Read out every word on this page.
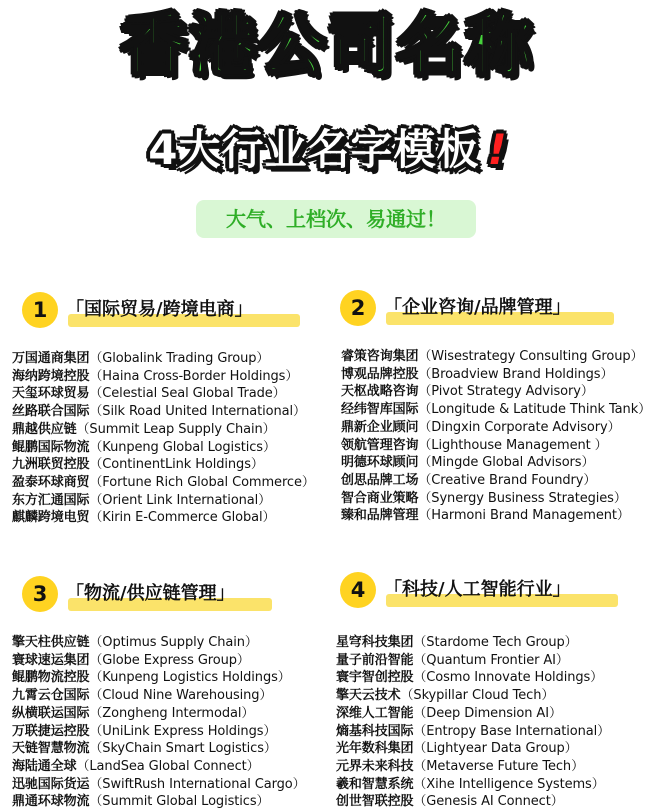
香港公司名称
4大行业名字模板 !
大气、上档次、易通过！
1	「国际贸易/跨境电商」
万国通商集团（Globalink Trading Group）
海纳跨境控股（Haina Cross-Border Holdings）
天玺环球贸易（Celestial Seal Global Trade）
丝路联合国际（Silk Road United International）
鼎越供应链（Summit Leap Supply Chain）
鲲鹏国际物流（Kunpeng Global Logistics）
九洲联贸控股（ContinentLink Holdings）
盈泰环球商贸（Fortune Rich Global Commerce）
东方汇通国际（Orient Link International）
麒麟跨境电贸（Kirin E-Commerce Global）
2	「企业咨询/品牌管理」
睿策咨询集团（Wisestrategy Consulting Group）
博观品牌控股（Broadview Brand Holdings）
天枢战略咨询（Pivot Strategy Advisory）
经纬智库国际（Longitude & Latitude Think Tank）
鼎新企业顾问（Dingxin Corporate Advisory）
领航管理咨询（Lighthouse Management ）
明德环球顾问（Mingde Global Advisors）
创思品牌工场（Creative Brand Foundry）
智合商业策略（Synergy Business Strategies）
臻和品牌管理（Harmoni Brand Management）
3	「物流/供应链管理」
擎天柱供应链（Optimus Supply Chain）
寰球速运集团（Globe Express Group）
鲲鹏物流控股（Kunpeng Logistics Holdings）
九霄云仓国际（Cloud Nine Warehousing）
纵横联运国际（Zongheng Intermodal）
万联捷运控股（UniLink Express Holdings）
天链智慧物流（SkyChain Smart Logistics）
海陆通全球（LandSea Global Connect）
迅驰国际货运（SwiftRush International Cargo）
鼎通环球物流（Summit Global Logistics）
4	「科技/人工智能行业」
星穹科技集团（Stardome Tech Group）
量子前沿智能（Quantum Frontier AI）
寰宇智创控股（Cosmo Innovate Holdings）
擎天云技术（Skypillar Cloud Tech）
深维人工智能（Deep Dimension AI）
熵基科技国际（Entropy Base International）
光年数科集团（Lightyear Data Group）
元界未来科技（Metaverse Future Tech）
羲和智慧系统（Xihe Intelligence Systems）
创世智联控股（Genesis AI Connect）
